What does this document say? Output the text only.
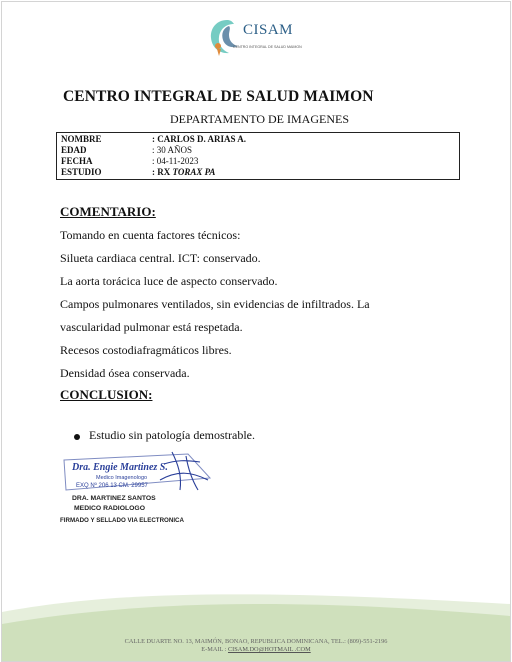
CISAM
CENTRO INTEGRAL DE SALUD MAIMON
CENTRO INTEGRAL DE SALUD MAIMON
DEPARTAMENTO DE IMAGENES
NOMBRE	: CARLOS D. ARIAS A.
EDAD	: 30 AÑOS
FECHA	: 04-11-2023
ESTUDIO	: RX TORAX PA
COMENTARIO:
Tomando en cuenta factores técnicos:
Silueta cardiaca central. ICT: conservado.
La aorta torácica luce de aspecto conservado.
Campos pulmonares ventilados, sin evidencias de infiltrados. La
vascularidad pulmonar está respetada.
Recesos costodiafragmáticos libres.
Densidad ósea conservada.
CONCLUSION:
Estudio sin patología demostrable.
Dra. Engie Martinez S.
Medico Imagenologo
EXQ Nº 206 13 CM. 29957
DRA. MARTINEZ SANTOS
MEDICO RADIOLOGO
FIRMADO Y SELLADO VIA ELECTRONICA
CALLE DUARTE NO. 13, MAIMÓN, BONAO, REPUBLICA DOMINICANA, TEL.: (809)-551-2196
E-MAIL : CISAM.DO@HOTMAIL .COM
